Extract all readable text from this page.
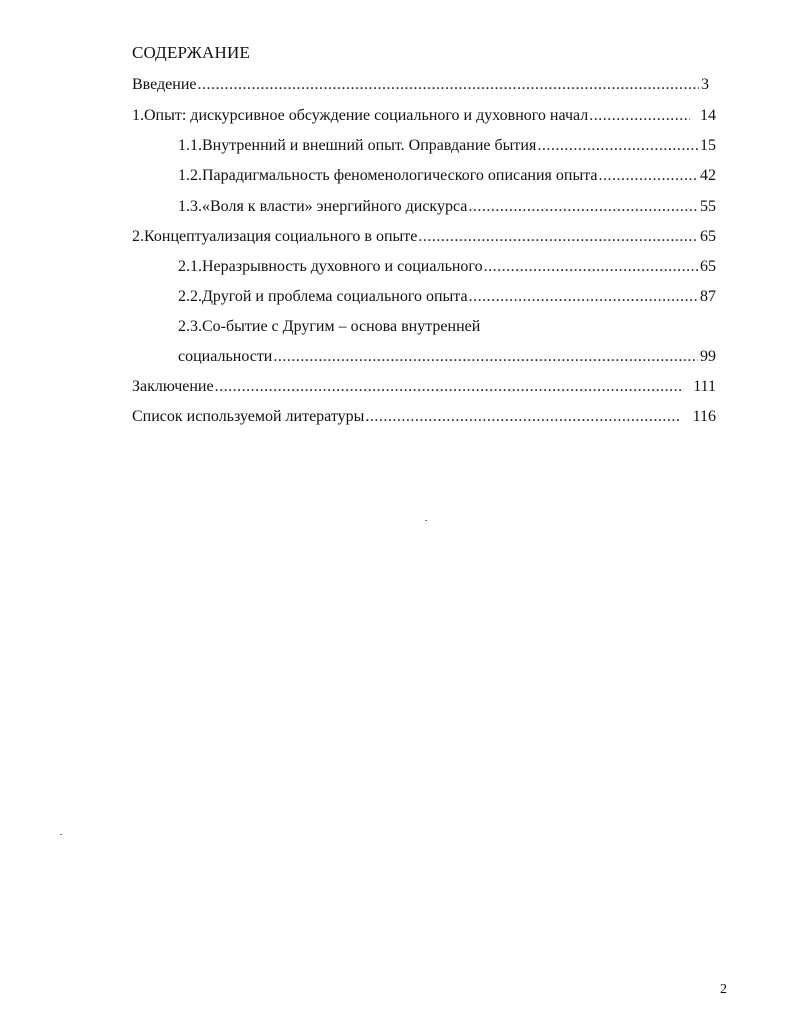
СОДЕРЖАНИЕ
Введение .....	3
1.Опыт: дискурсивное обсуждение социального и духовного начал .....	14
1.1. Внутренний и внешний опыт. Оправдание бытия .....	15
1.2. Парадигмальность феноменологического описания опыта .....	42
1.3.«Воля к власти» энергийного дискурса .....	55
2.Концептуализация социального в опыте .....	65
2.1.Неразрывность духовного и социального .....	65
2.2.Другой и проблема социального опыта .....	87
2.3.Со-бытие с Другим – основа внутренней
социальности .....	99
Заключение .....	111
Список используемой литературы .....	116
2
